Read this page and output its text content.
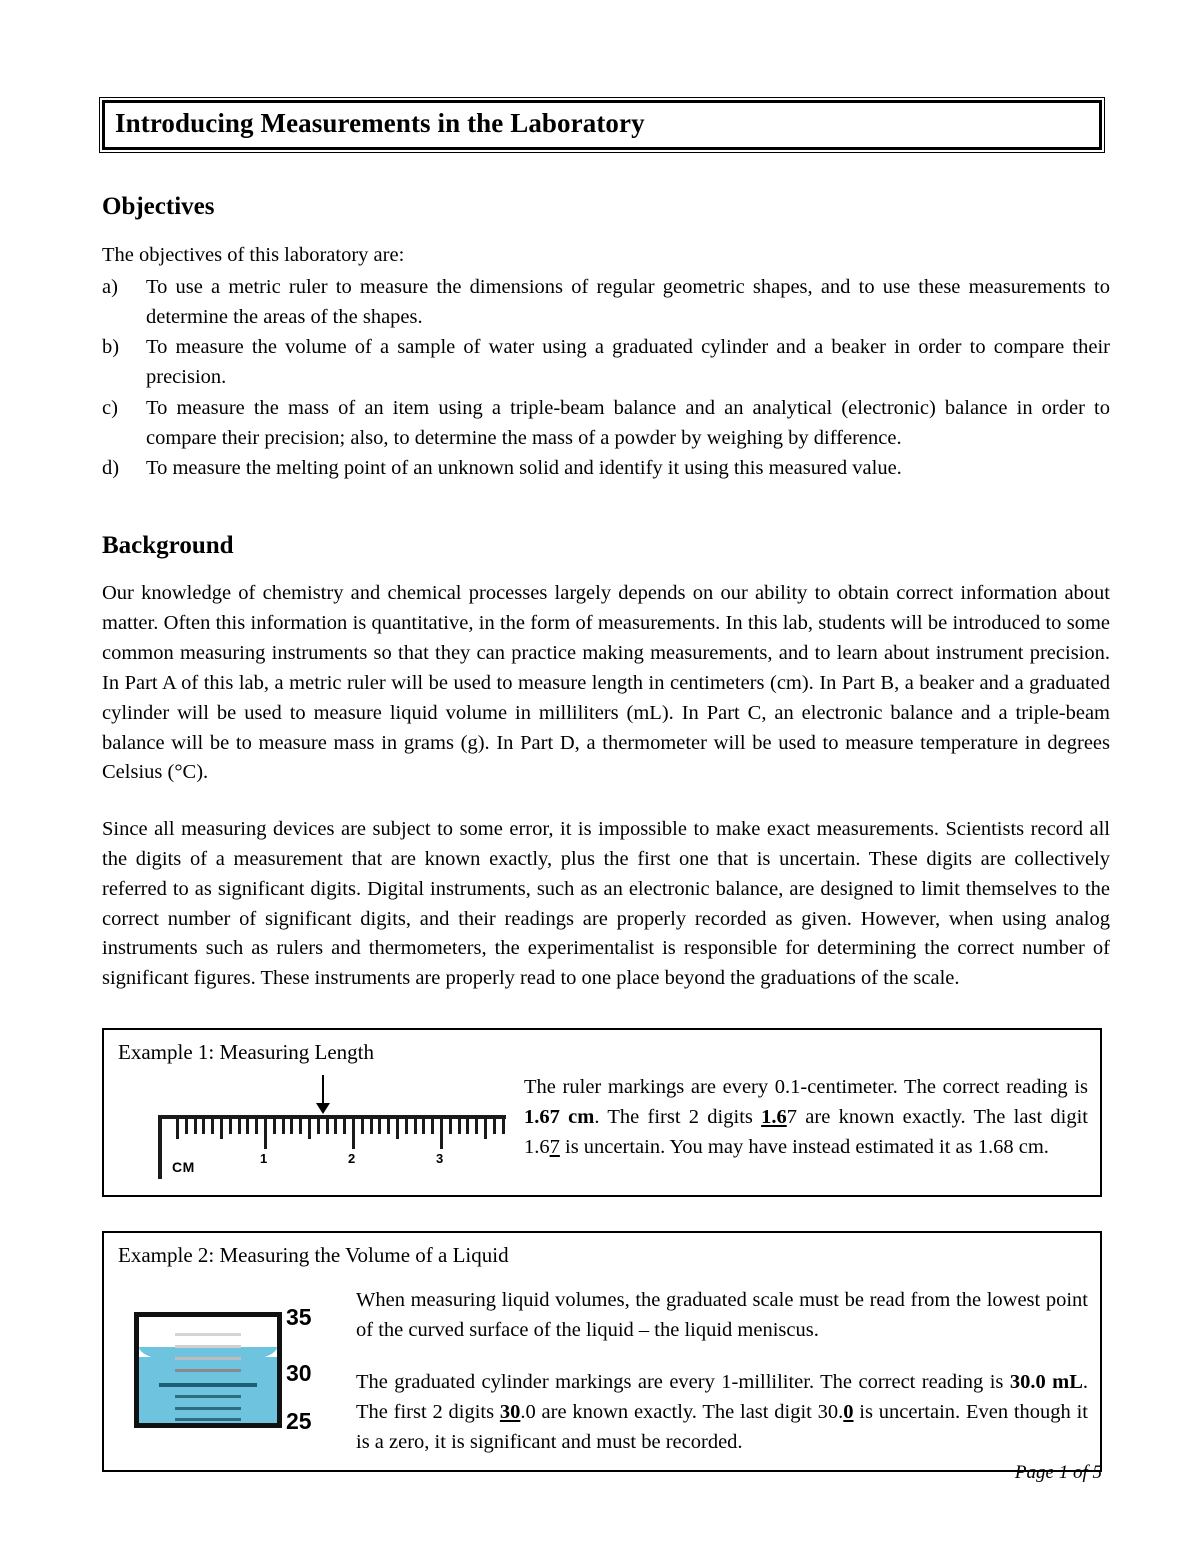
Introducing Measurements in the Laboratory
Objectives

The objectives of this laboratory are:

a)	To use a metric ruler to measure the dimensions of regular geometric shapes, and to use these measurements to determine the areas of the shapes.
b)	To measure the volume of a sample of water using a graduated cylinder and a beaker in order to compare their precision.
c)	To measure the mass of an item using a triple-beam balance and an analytical (electronic) balance in order to compare their precision; also, to determine the mass of a powder by weighing by difference.
d)	To measure the melting point of an unknown solid and identify it using this measured value.
Background

Our knowledge of chemistry and chemical processes largely depends on our ability to obtain correct information about matter. Often this information is quantitative, in the form of measurements. In this lab, students will be introduced to some common measuring instruments so that they can practice making measurements, and to learn about instrument precision. In Part A of this lab, a metric ruler will be used to measure length in centimeters (cm). In Part B, a beaker and a graduated cylinder will be used to measure liquid volume in milliliters (mL). In Part C, an electronic balance and a triple-beam balance will be to measure mass in grams (g). In Part D, a thermometer will be used to measure temperature in degrees Celsius (°C).

Since all measuring devices are subject to some error, it is impossible to make exact measurements. Scientists record all the digits of a measurement that are known exactly, plus the first one that is uncertain. These digits are collectively referred to as significant digits. Digital instruments, such as an electronic balance, are designed to limit themselves to the correct number of significant digits, and their readings are properly recorded as given. However, when using analog instruments such as rulers and thermometers, the experimentalist is responsible for determining the correct number of significant figures. These instruments are properly read to one place beyond the graduations of the scale.

Example 1: Measuring Length
CM
1	2	3
The ruler markings are every 0.1-centimeter. The correct reading is 1.67 cm. The first 2 digits 1.67 are known exactly. The last digit 1.67 is uncertain. You may have instead estimated it as 1.68 cm.
Example 2: Measuring the Volume of a Liquid
35
30
25

When measuring liquid volumes, the graduated scale must be read from the lowest point of the curved surface of the liquid – the liquid meniscus.

The graduated cylinder markings are every 1-milliliter. The correct reading is 30.0 mL. The first 2 digits 30.0 are known exactly. The last digit 30.0 is uncertain. Even though it is a zero, it is significant and must be recorded.

Page 1 of 5
